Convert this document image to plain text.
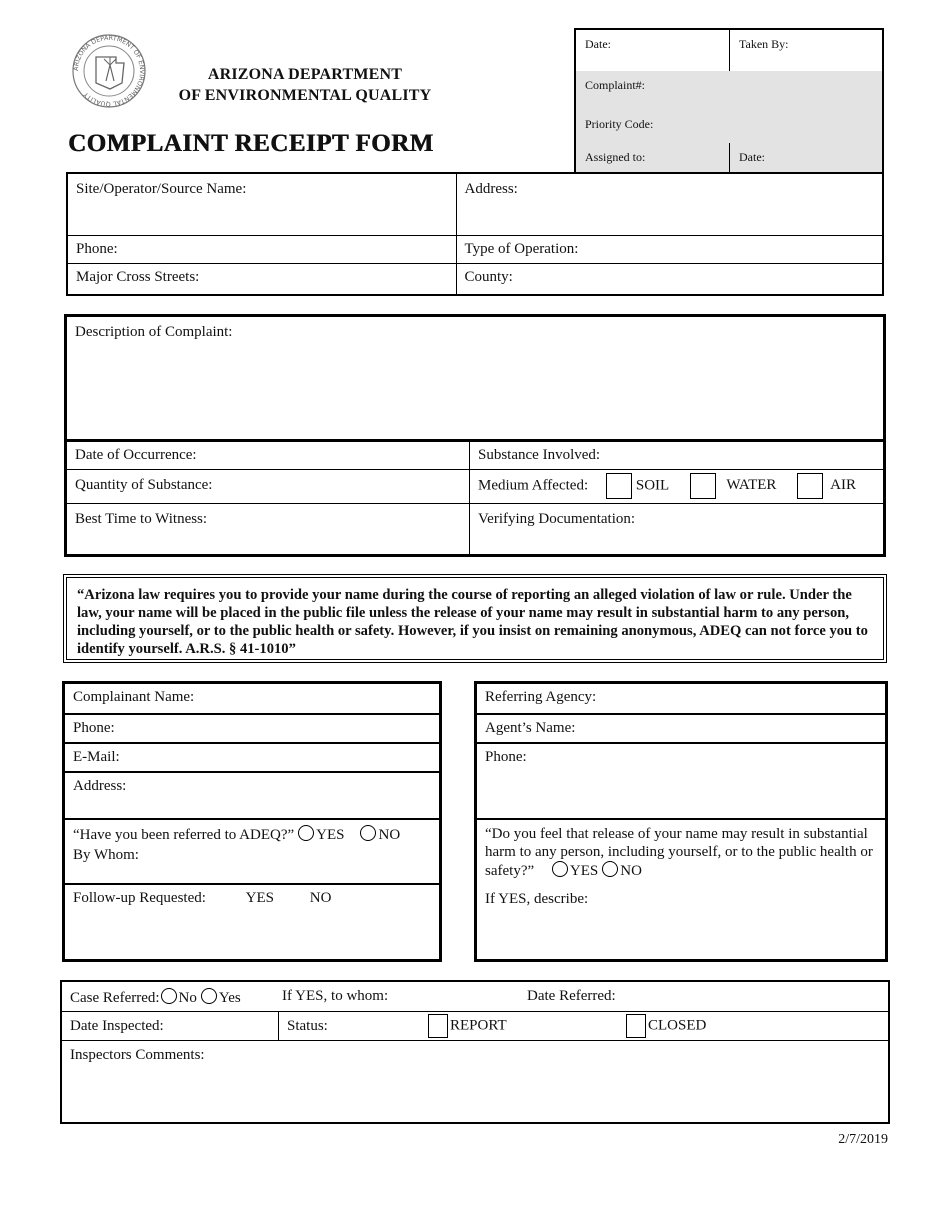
ARIZONA DEPARTMENT OF ENVIRONMENTAL QUALITY
ARIZONA DEPARTMENT
OF ENVIRONMENTAL QUALITY
COMPLAINT RECEIPT FORM
Date:	Taken By:
Complaint#:
Priority Code:
Assigned to:	Date:
Site/Operator/Source Name:	Address:
Phone:	Type of Operation:
Major Cross Streets:	County:
Description of Complaint:	
Date of Occurrence:	Substance Involved:
Quantity of Substance:	Medium Affected: SOIL WATER AIR

Best Time to Witness:	Verifying Documentation:
“Arizona law requires you to provide your name during the course of reporting an alleged violation of law or rule. Under the law, your name will be placed in the public file unless the release of your name may result in substantial harm to any person, including yourself, or to the public health or safety. However, if you insist on remaining anonymous, ADEQ can not force you to identify yourself. A.R.S. § 41-1010”
Complainant Name:
Phone:
E-Mail:
Address:
“Have you been referred to ADEQ?” YES NO
By Whom:
Follow-up Requested:	YES NO
Referring Agency:
Agent’s Name:
Phone:
“Do you feel that release of your name may result in substantial harm to any person, including yourself, or to the public health or safety?” YES NO
If YES, describe:
Case Referred: No Yes	If YES, to whom:	Date Referred:
Date Inspected:	Status:	REPORT	CLOSED
Inspectors Comments:
2/7/2019
